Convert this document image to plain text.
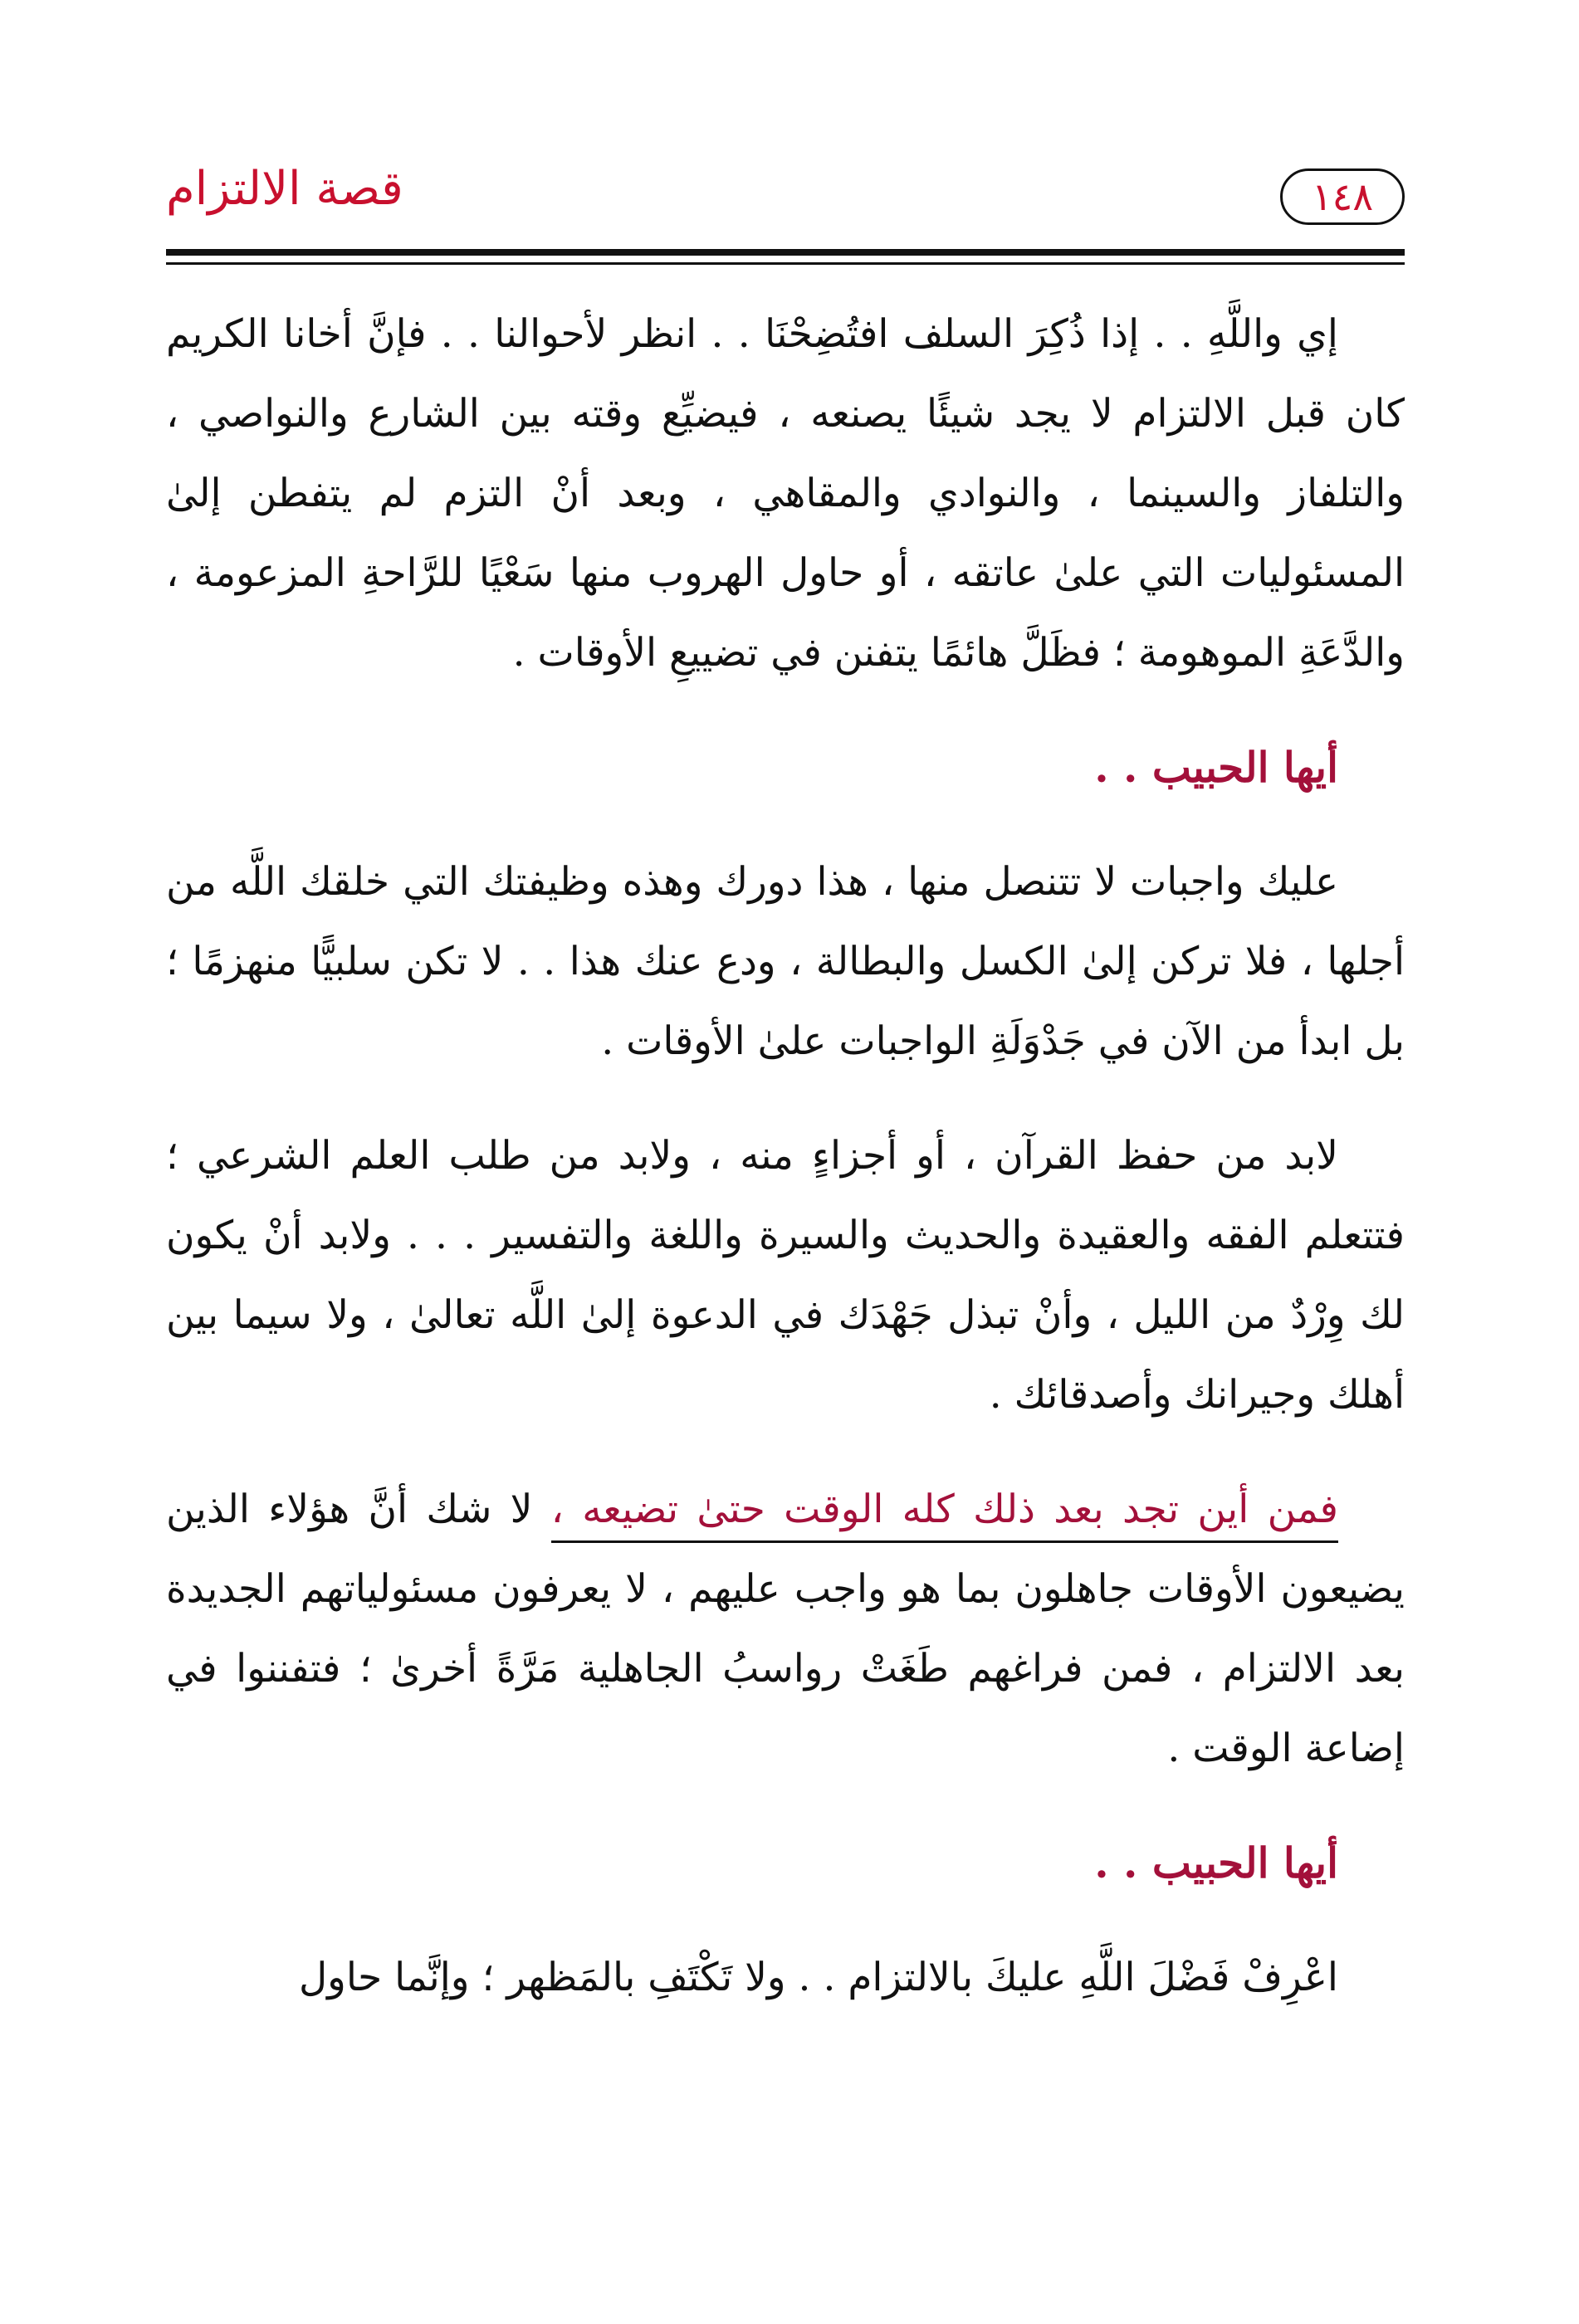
قصة الالتزام	١٤٨

إي واللَّهِ . . إذا ذُكِرَ السلف افتُضِحْنَا . . انظر لأحوالنا . . فإنَّ أخانا الكريم كان قبل الالتزام لا يجد شيئًا يصنعه ، فيضيِّع وقته بين الشارع والنواصي ، والتلفاز والسينما ، والنوادي والمقاهي ، وبعد أنْ التزم لم يتفطن إلىٰ المسئوليات التي علىٰ عاتقه ، أو حاول الهروب منها سَعْيًا للرَّاحةِ المزعومة ، والدَّعَةِ الموهومة ؛ فظَلَّ هائمًا يتفنن في تضييعِ الأوقات .

أيها الحبيب . .

عليك واجبات لا تتنصل منها ، هذا دورك وهذه وظيفتك التي خلقك اللَّه من أجلها ، فلا تركن إلىٰ الكسل والبطالة ، ودع عنك هذا . . لا تكن سلبيًّا منهزمًا ؛ بل ابدأ من الآن في جَدْوَلَةِ الواجبات علىٰ الأوقات .

لابد من حفظ القرآن ، أو أجزاءٍ منه ، ولابد من طلب العلم الشرعي ؛ فتتعلم الفقه والعقيدة والحديث والسيرة واللغة والتفسير . . . ولابد أنْ يكون لك وِرْدٌ من الليل ، وأنْ تبذل جَهْدَك في الدعوة إلىٰ اللَّه تعالىٰ ، ولا سيما بين أهلك وجيرانك وأصدقائك .

فمن أين تجد بعد ذلك كله الوقت حتىٰ تضيعه ، لا شك أنَّ هؤلاء الذين يضيعون الأوقات جاهلون بما هو واجب عليهم ، لا يعرفون مسئولياتهم الجديدة بعد الالتزام ، فمن فراغهم طَغَتْ رواسبُ الجاهلية مَرَّةً أخرىٰ ؛ فتفننوا في إضاعة الوقت .

أيها الحبيب . .

اعْرِفْ فَضْلَ اللَّهِ عليكَ بالالتزام . . ولا تَكْتَفِ بالمَظهر ؛ وإنَّما حاول
